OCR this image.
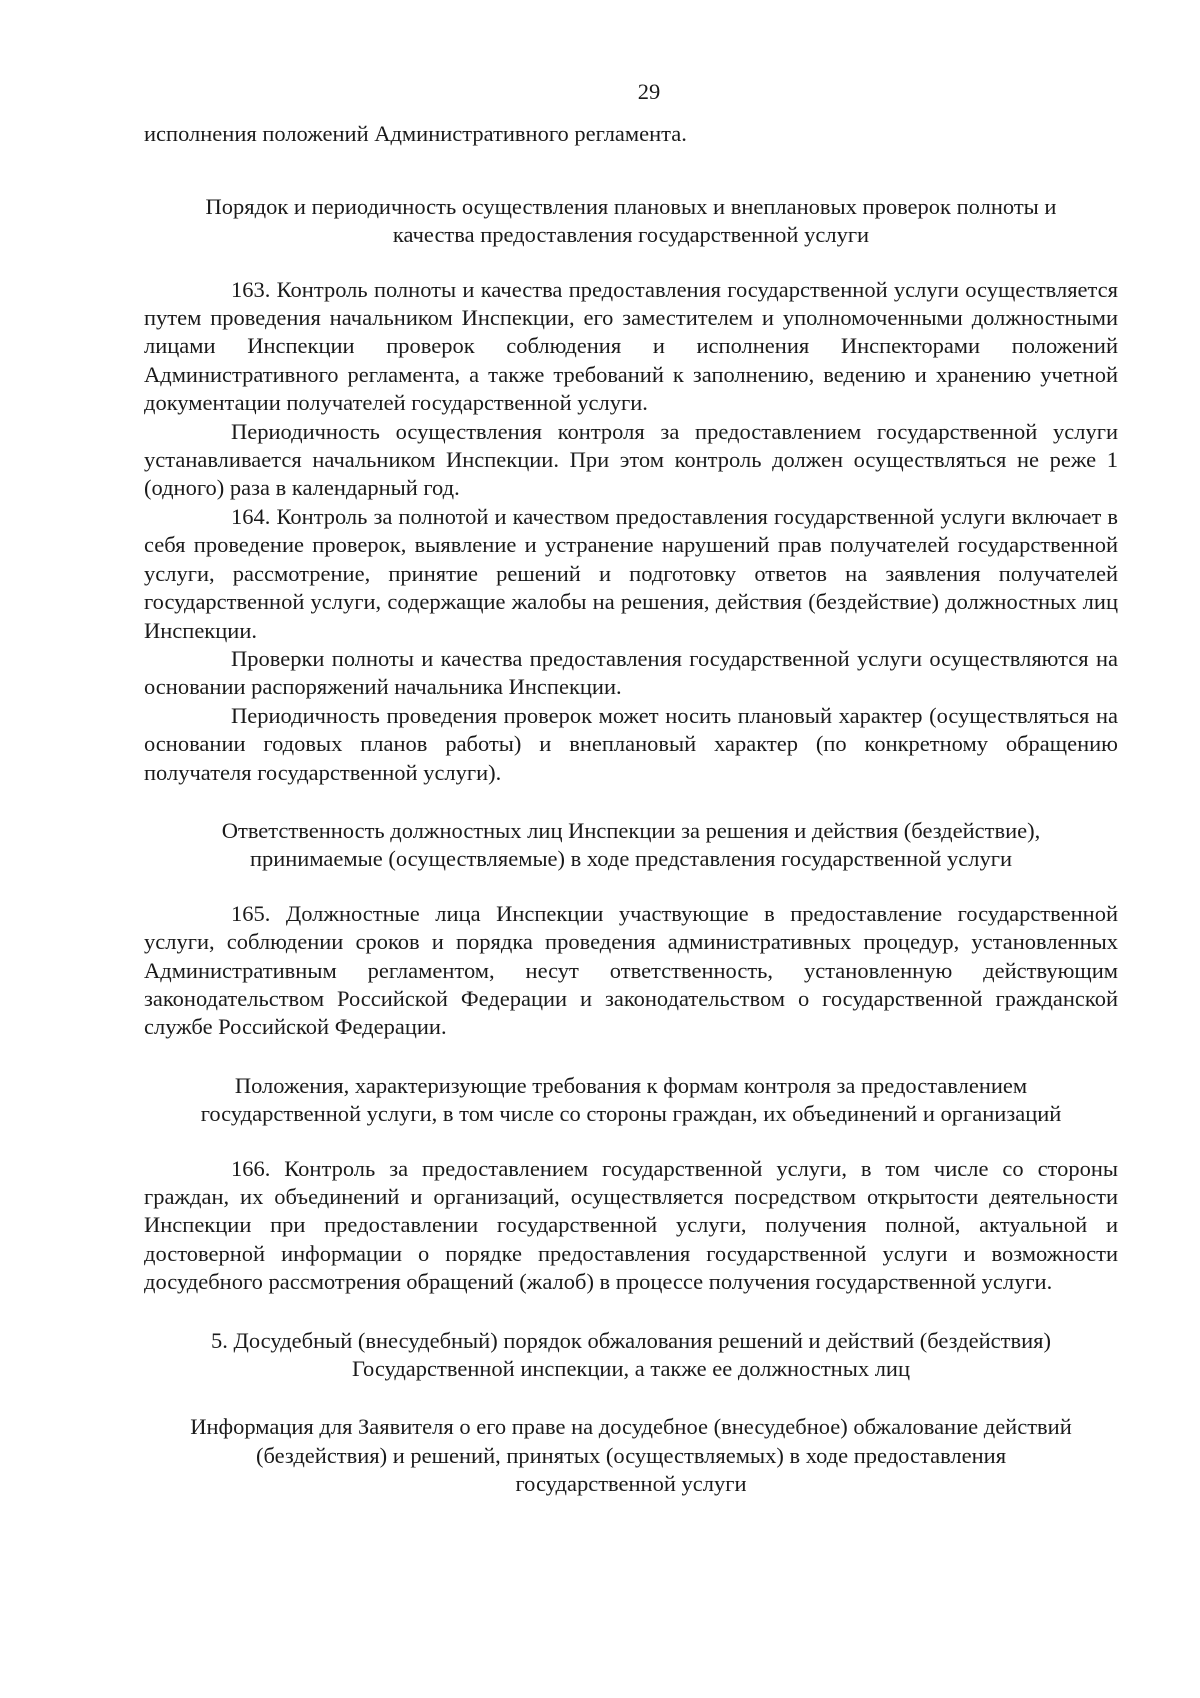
29

исполнения положений Административного регламента.

Порядок и периодичность осуществления плановых и внеплановых проверок полноты и
качества предоставления государственной услуги

163. Контроль полноты и качества предоставления государственной услуги осуществляется путем проведения начальником Инспекции, его заместителем и уполномоченными должностными лицами Инспекции проверок соблюдения и исполнения Инспекторами положений Административного регламента, а также требований к заполнению, ведению и хранению учетной документации получателей государственной услуги.

Периодичность осуществления контроля за предоставлением государственной услуги устанавливается начальником Инспекции. При этом контроль должен осуществляться не реже 1 (одного) раза в календарный год.

164. Контроль за полнотой и качеством предоставления государственной услуги включает в себя проведение проверок, выявление и устранение нарушений прав получателей государственной услуги, рассмотрение, принятие решений и подготовку ответов на заявления получателей государственной услуги, содержащие жалобы на решения, действия (бездействие) должностных лиц Инспекции.

Проверки полноты и качества предоставления государственной услуги осуществляются на основании распоряжений начальника Инспекции.

Периодичность проведения проверок может носить плановый характер (осуществляться на основании годовых планов работы) и внеплановый характер (по конкретному обращению получателя государственной услуги).

Ответственность должностных лиц Инспекции за решения и действия (бездействие),
принимаемые (осуществляемые) в ходе представления государственной услуги

165. Должностные лица Инспекции участвующие в предоставление государственной услуги, соблюдении сроков и порядка проведения административных процедур, установленных Административным регламентом, несут ответственность, установленную действующим законодательством Российской Федерации и законодательством о государственной гражданской службе Российской Федерации.

Положения, характеризующие требования к формам контроля за предоставлением
государственной услуги, в том числе со стороны граждан, их объединений и организаций

166. Контроль за предоставлением государственной услуги, в том числе со стороны граждан, их объединений и организаций, осуществляется посредством открытости деятельности Инспекции при предоставлении государственной услуги, получения полной, актуальной и достоверной информации о порядке предоставления государственной услуги и возможности досудебного рассмотрения обращений (жалоб) в процессе получения государственной услуги.

5. Досудебный (внесудебный) порядок обжалования решений и действий (бездействия)
Государственной инспекции, а также ее должностных лиц
Информация для Заявителя о его праве на досудебное (внесудебное) обжалование действий
(бездействия) и решений, принятых (осуществляемых) в ходе предоставления
государственной услуги
